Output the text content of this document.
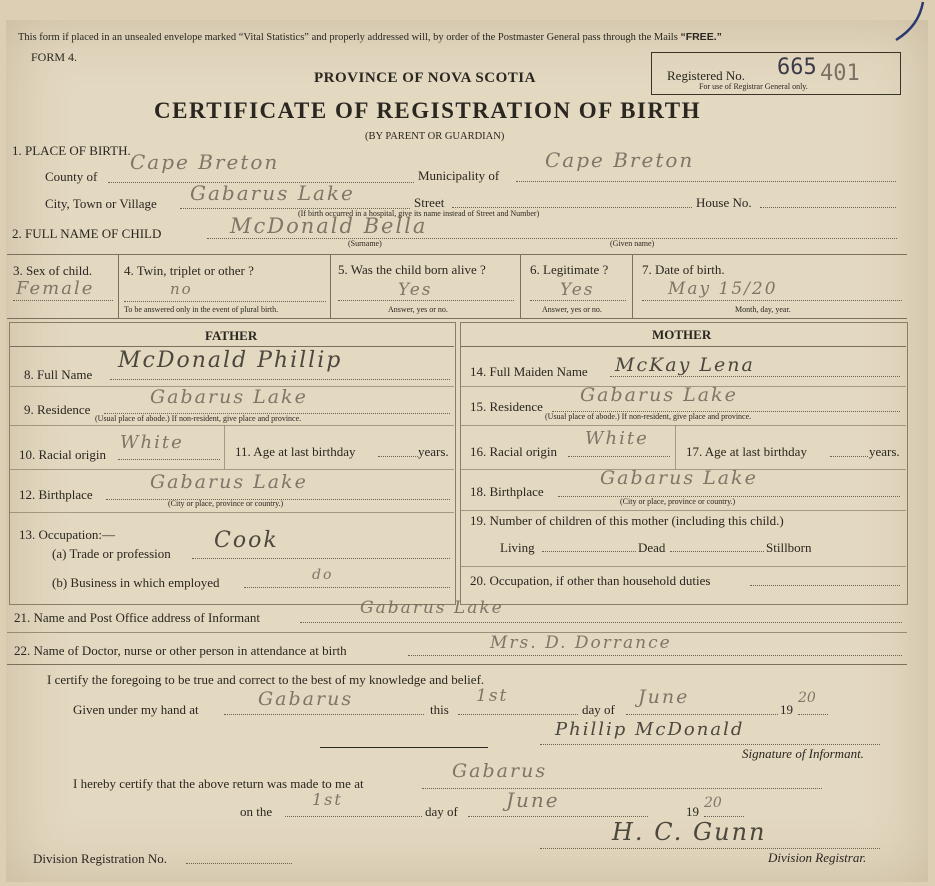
This form if placed in an unsealed envelope marked “Vital Statistics” and properly addressed will, by order of the Postmaster General pass through the Mails “FREE.”
FORM 4.
PROVINCE OF NOVA SCOTIA
CERTIFICATE OF REGISTRATION OF BIRTH
(BY PARENT OR GUARDIAN)
Registered No.
For use of Registrar General only.
665 401
1. PLACE OF BIRTH.
County of
Cape Breton
Municipality of
Cape Breton
City, Town or Village Gabarus Lake	Street	House No.
(If birth occurred in a hospital, give its name instead of Street and Number)
2. FULL NAME OF CHILD	McDonald Bella
(Surname)	(Given name)
3. Sex of child.
Female
4. Twin, triplet or other ?
no
To be answered only in the event of plural birth.
5. Was the child born alive ?
Yes
Answer, yes or no.
6. Legitimate ?
Yes
Answer, yes or no.
7. Date of birth.
May 15/20
Month, day, year.
FATHER	MOTHER
8. Full Name
McDonald Phillip
9. Residence
Gabarus Lake
(Usual place of abode.) If non-resident, give place and province.
10. Racial origin
White	11. Age at last birthday	years.
12. Birthplace
Gabarus Lake
(City or place, province or country.)
13. Occupation:—
(a) Trade or profession
Cook
(b) Business in which employed	do
14. Full Maiden Name McKay Lena
15. Residence
Gabarus Lake
(Usual place of abode.) If non-resident, give place and province.
16. Racial origin
White
17. Age at last birthday	years.
18. Birthplace
Gabarus Lake
(City or place, province or country.)
19. Number of children of this mother (including this child.)
Living	Dead	Stillborn
20. Occupation, if other than household duties
21. Name and Post Office address of Informant	Gabarus Lake
22. Name of Doctor, nurse or other person in attendance at birth	Mrs. D. Dorrance
I certify the foregoing to be true and correct to the best of my knowledge and belief.
Given under my hand at	Gabarus	this
1st
day of
June
19
20
Phillip McDonald
Signature of Informant.
I hereby certify that the above return was made to me at
Gabarus
on the
1st
day of June	19
20
H. C. Gunn
Division Registrar.
Division Registration No.
